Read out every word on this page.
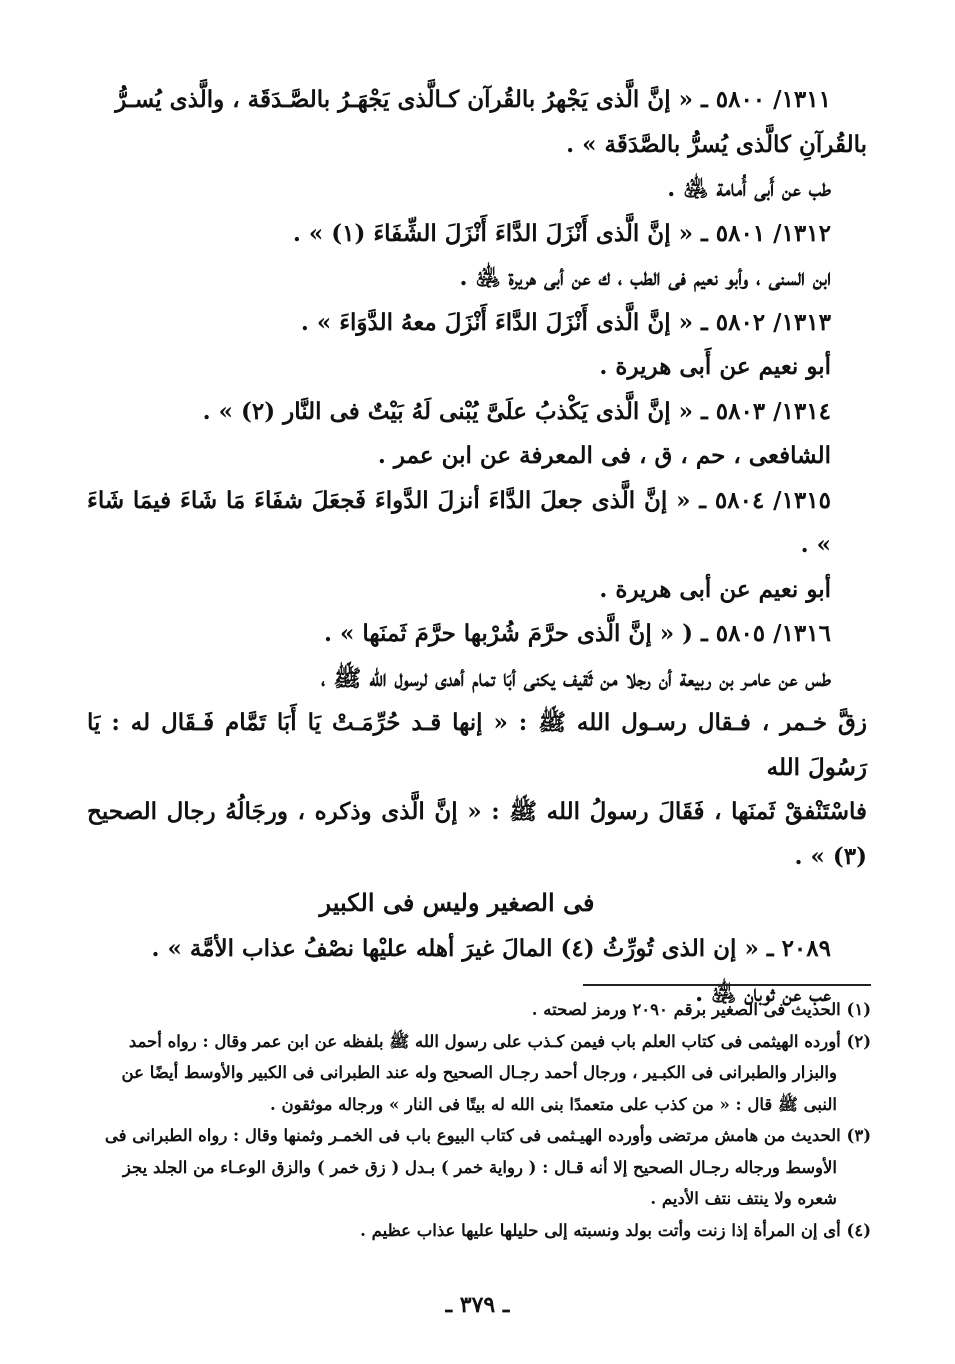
١٣١١/ ٥٨٠٠ ـ « إنَّ الَّذى يَجْهرُ بالقُرآن كـالَّذى يَجْهَـرُ بالصَّـدَقَة ، والَّذى يُسـرُّ
بالقُرآنِ كالَّذى يُسرُّ بالصَّدَقَة » .
طب عن أَبى أُمامة ﵁ .
١٣١٢/ ٥٨٠١ ـ « إنَّ الَّذى أَنْزَلَ الدَّاءَ أَنْزَلَ الشِّفَاءَ (١) » .
ابن السنى ، وأبو نعيم فى الطب ، ك عن أبى هريرة ﵁ .
١٣١٣/ ٥٨٠٢ ـ « إنَّ الَّذى أَنْزَلَ الدَّاءَ أَنْزَلَ معهُ الدَّوَاءَ » .
أبو نعيم عن أَبى هريرة .
١٣١٤/ ٥٨٠٣ ـ « إنَّ الَّذى يَكْذبُ علَىَّ يُبْنى لَهُ بَيْتٌ فى النَّار (٢) » .
الشافعى ، حم ، ق ، فى المعرفة عن ابن عمر .
١٣١٥/ ٥٨٠٤ ـ « إنَّ الَّذى جعلَ الدَّاءَ أنزلَ الدَّواءَ فَجعَلَ شفَاءَ مَا شَاءَ فيمَا شَاءَ » .
أبو نعيم عن أبى هريرة .
١٣١٦/ ٥٨٠٥ ـ ( « إنَّ الَّذى حرَّمَ شُرْبها حرَّمَ ثَمنَها » .
طس عن عامـر بن ربيعة أن رجلا من ثَقيف يكنى أبَا تمام أهدى لرسول الله ﷺ ،
زقَّ خـمر ، فـقال رسـول الله ﷺ : « إنها قـد حُرِّمَـتْ يَا أَبَا تَمَّام فَـقَال له : يَا رَسُولَ الله
فاسْتَنْفقْ ثَمنَها ، فَقَالَ رسولُ الله ﷺ : « إنَّ الَّذى وذكره ، ورجَالُهُ رجال الصحيح (٣) » .
فى الصغير وليس فى الكبير
٢٠٨٩ ـ « إن الذى تُورِّثُ (٤) المالَ غيرَ أهله عليْها نصْفُ عذاب الأمَّة » .
عب عن ثوبان ﵁ .
(١) الحديث فى الصغير برقم ٢٠٩٠ ورمز لصحته .
(٢) أورده الهيثمى فى كتاب العلم باب فيمن كـذب على رسول الله ﷺ بلفظه عن ابن عمر وقال : رواه أحمد
والبزار والطبرانى فى الكبـير ، ورجال أحمد رجـال الصحيح وله عند الطبرانى فى الكبير والأوسط أيضًا عن
النبى ﷺ قال : « من كذب على متعمدًا بنى الله له بيتًا فى النار » ورجاله موثقون .
(٣) الحديث من هامش مرتضى وأورده الهيـثمى فى كتاب البيوع باب فى الخمـر وثمنها وقال : رواه الطبرانى فى
الأوسط ورجاله رجـال الصحيح إلا أنه قـال : ( رواية خمر ) بـدل ( زق خمر ) والزق الوعـاء من الجلد يجز
شعره ولا ينتف نتف الأديم .
(٤) أى إن المرأة إذا زنت وأتت بولد ونسبته إلى حليلها عليها عذاب عظيم .
ـ ٣٧٩ ـ
